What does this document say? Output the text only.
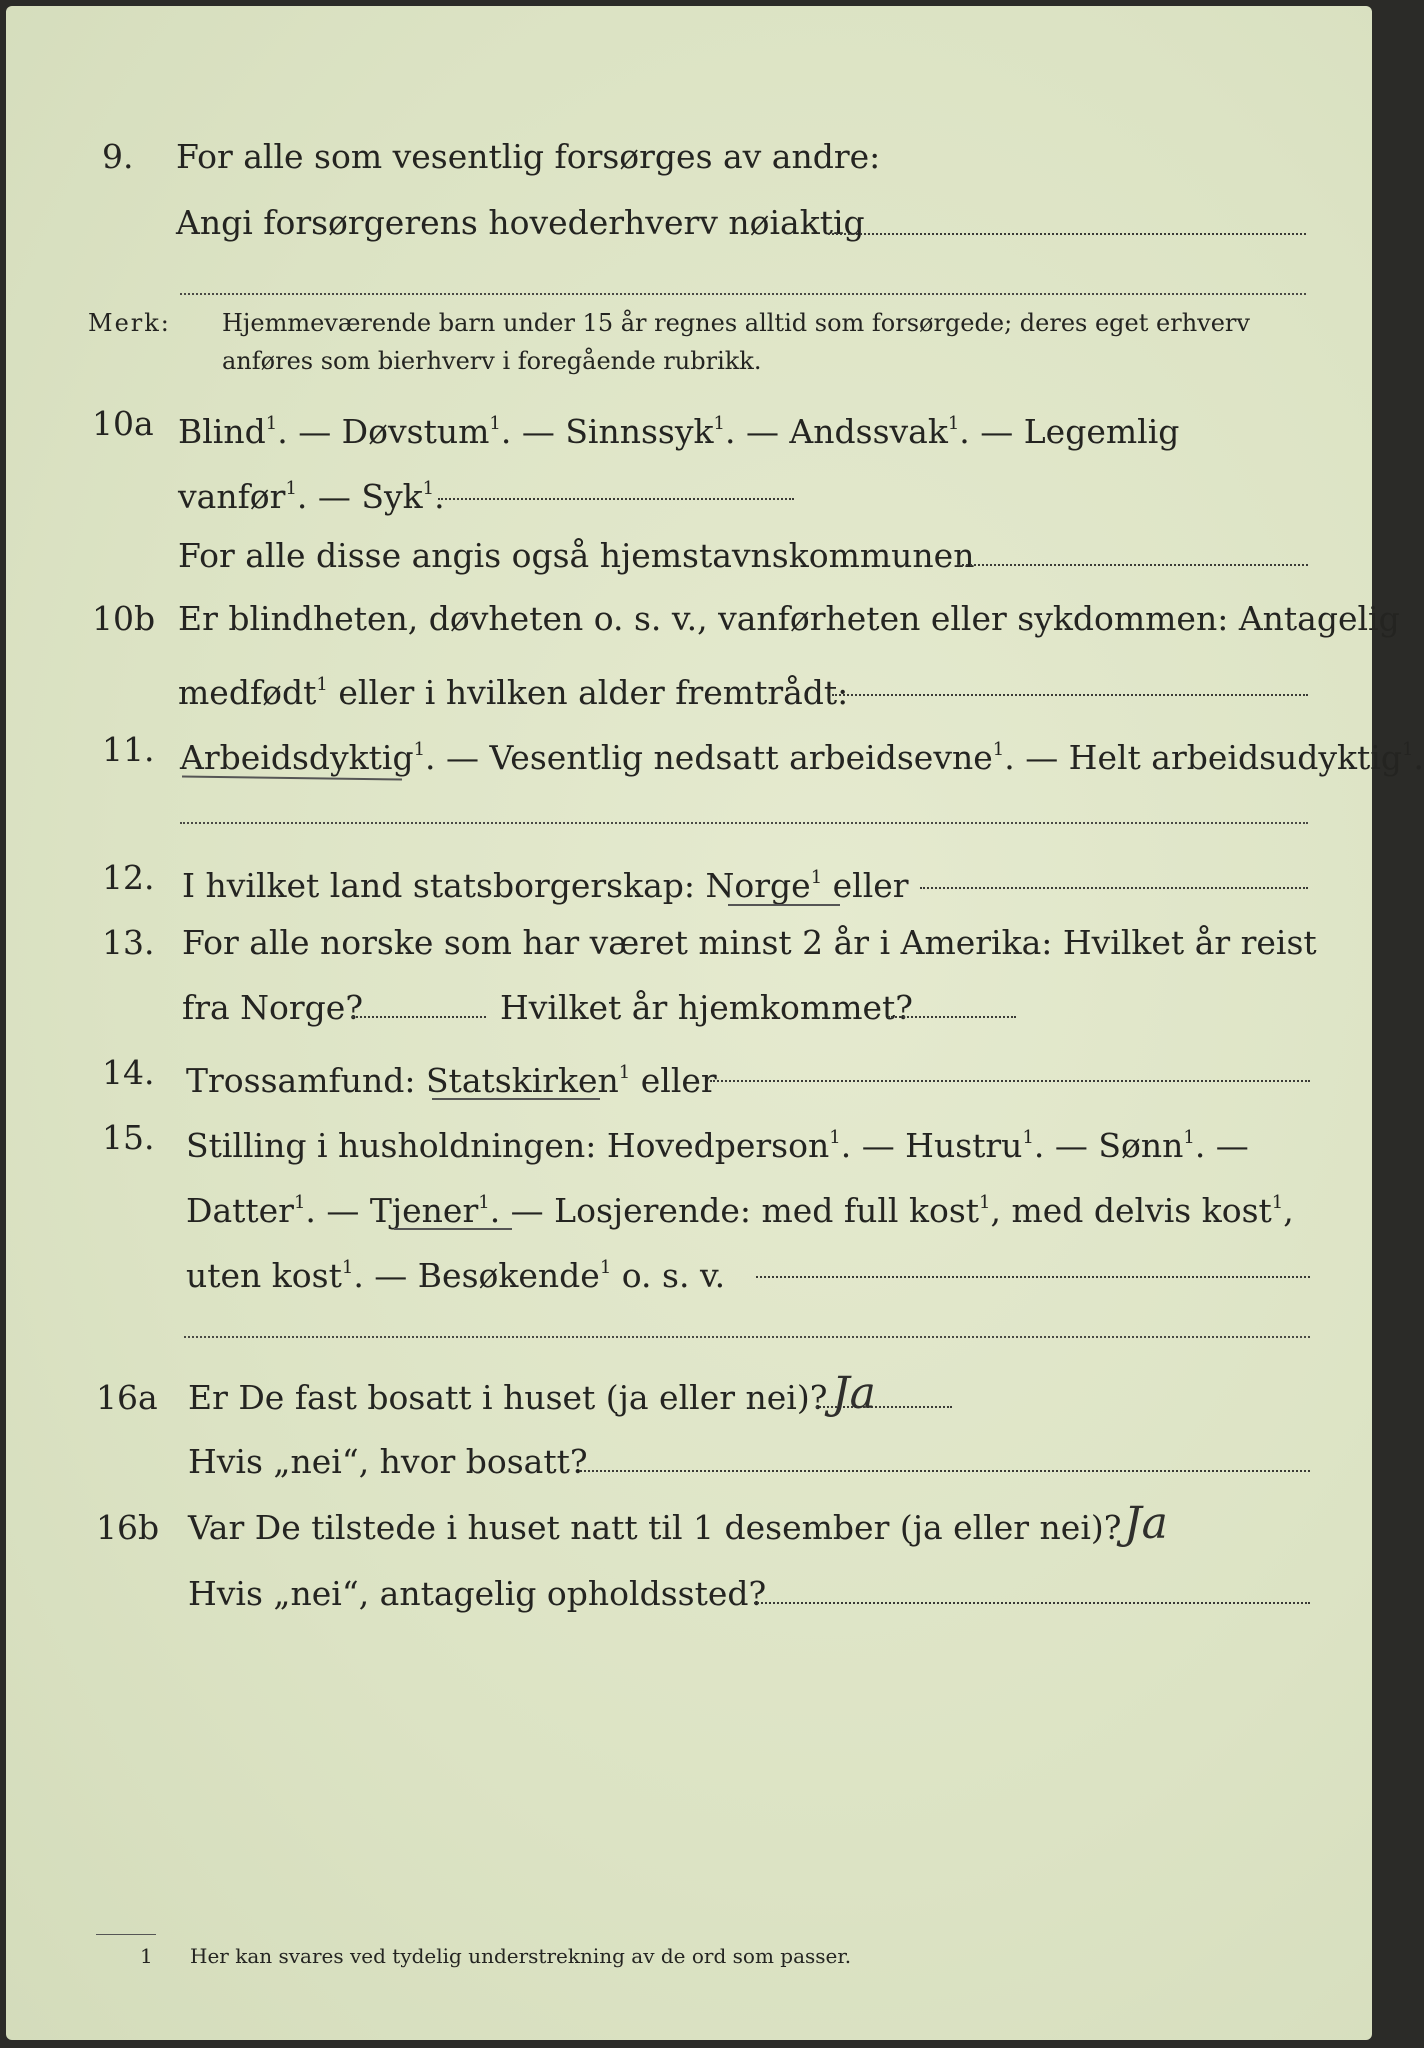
9. For alle som vesentlig forsørges av andre:
Angi forsørgerens hovederhverv nøiaktig
Merk: Hjemmeværende barn under 15 år regnes alltid som forsørgede; deres eget erhverv
anføres som bierhverv i foregående rubrikk.
10a Blind$^1$. — Døvstum$^1$. — Sinnssyk$^1$. — Andssvak$^1$. — Legemlig
vanfør$^1$. — Syk$^1$.
For alle disse angis også hjemstavnskommunen
10b Er blindheten, døvheten o. s. v., vanførheten eller sykdommen: Antagelig
medfødt$^1$ eller i hvilken alder fremtrådt:
11. Arbeidsdyktig$^1$. — Vesentlig nedsatt arbeidsevne$^1$. — Helt arbeidsudyktig$^1$.
12. I hvilket land statsborgerskap: Norge$^1$ eller
13. For alle norske som har været minst 2 år i Amerika: Hvilket år reist
fra Norge?	Hvilket år hjemkommet?
14. Trossamfund: Statskirken$^1$ eller
15. Stilling i husholdningen: Hovedperson$^1$. — Hustru$^1$. — Sønn$^1$. —
Datter$^1$. — Tjener$^1$. — Losjerende: med full kost$^1$, med delvis kost$^1$,
uten kost$^1$. — Besøkende$^1$ o. s. v.
16a Er De fast bosatt i huset (ja eller nei)? Ja
Hvis „nei“, hvor bosatt?
16b Var De tilstede i huset natt til 1 desember (ja eller nei)? Ja
Hvis „nei“, antagelig opholdssted?
1 Her kan svares ved tydelig understrekning av de ord som passer.
